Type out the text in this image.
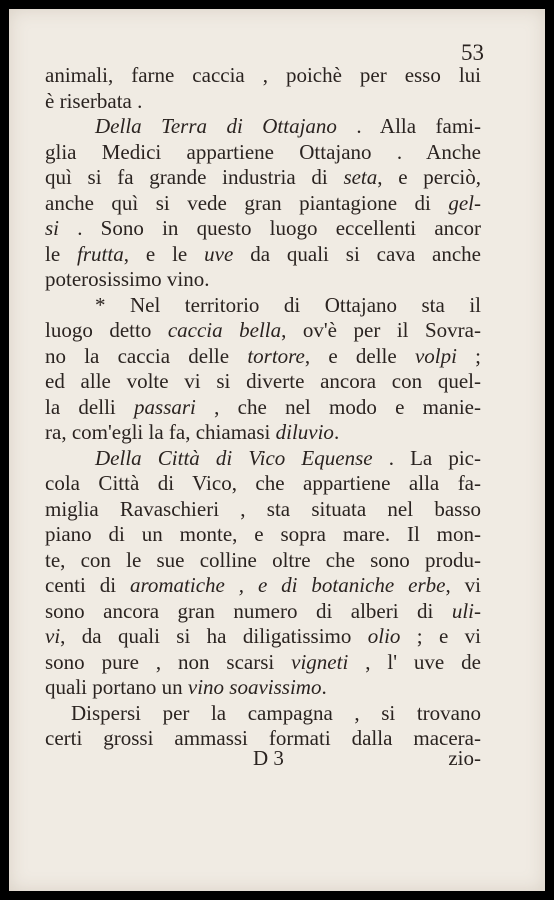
53
animali, farne caccia , poichè per esso lui
è riserbata .
Della Terra di Ottajano . Alla fami-
glia Medici appartiene Ottajano . Anche
quì si fa grande industria di seta, e perciò,
anche quì si vede gran piantagione di gel-
si . Sono in questo luogo eccellenti ancor
le frutta, e le uve da quali si cava anche
poterosissimo vino.
* Nel territorio di Ottajano sta il
luogo detto caccia bella, ov'è per il Sovra-
no la caccia delle tortore, e delle volpi ;
ed alle volte vi si diverte ancora con quel-
la delli passari , che nel modo e manie-
ra, com'egli la fa, chiamasi diluvio.
Della Città di Vico Equense . La pic-
cola Città di Vico, che appartiene alla fa-
miglia Ravaschieri , sta situata nel basso
piano di un monte, e sopra mare. Il mon-
te, con le sue colline oltre che sono produ-
centi di aromatiche , e di botaniche erbe, vi
sono ancora gran numero di alberi di uli-
vi, da quali si ha diligatissimo olio ; e vi
sono pure , non scarsi vigneti , l' uve de
quali portano un vino soavissimo.
Dispersi per la campagna , si trovano
certi grossi ammassi formati dalla macera-
D 3	zio-
